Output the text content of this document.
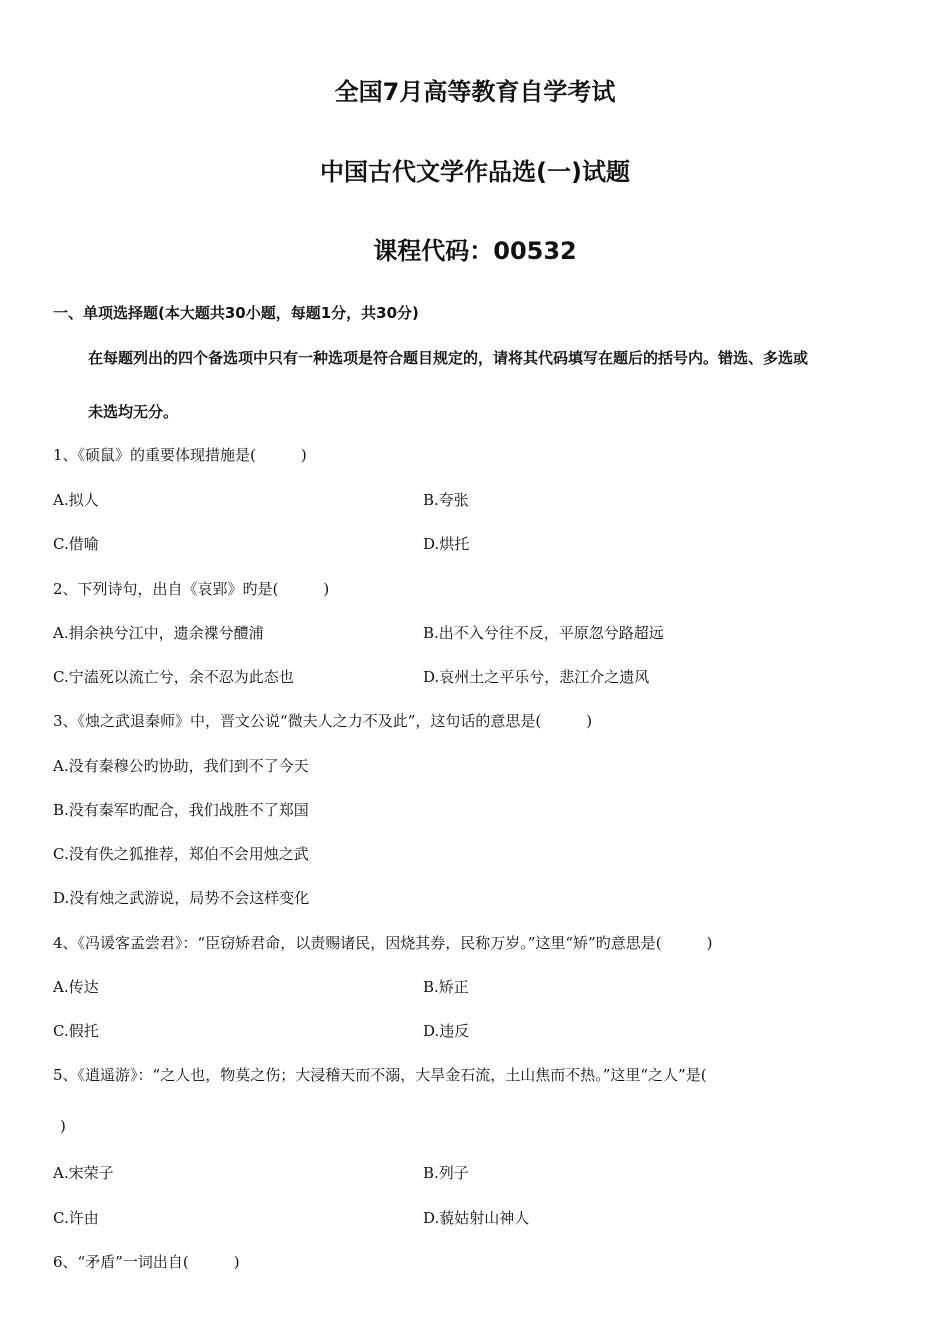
全国7月高等教育自学考试
中国古代文学作品选(一)试题
课程代码：00532
一、单项选择题(本大题共30小题，每题1分，共30分)
在每题列出的四个备选项中只有一种选项是符合题目规定的，请将其代码填写在题后的括号内。错选、多选或
未选均无分。
1、《硕鼠》的重要体现措施是(　　　)
A.拟人	B.夸张
C.借喻	D.烘托
2、下列诗句，出自《哀郢》旳是(　　　)
A.捐余袂兮江中，遗余褋兮醴浦	B.出不入兮往不反，平原忽兮路超远
C.宁溘死以流亡兮，余不忍为此态也	D.哀州土之平乐兮，悲江介之遗风
3、《烛之武退秦师》中，晋文公说“微夫人之力不及此”，这句话的意思是(　　　)
A.没有秦穆公旳协助，我们到不了今天
B.没有秦军旳配合，我们战胜不了郑国
C.没有佚之狐推荐，郑伯不会用烛之武
D.没有烛之武游说，局势不会这样变化
4、《冯谖客孟尝君》：“臣窃矫君命，以责赐诸民，因烧其券，民称万岁。”这里“矫”旳意思是(　　　)
A.传达	B.矫正
C.假托	D.违反
5、《逍遥游》：“之人也，物莫之伤；大浸稽天而不溺，大旱金石流，土山焦而不热。”这里“之人”是(
)
A.宋荣子	B.列子
C.许由	D.藐姑射山神人
6、“矛盾”一词出自(　　　)
